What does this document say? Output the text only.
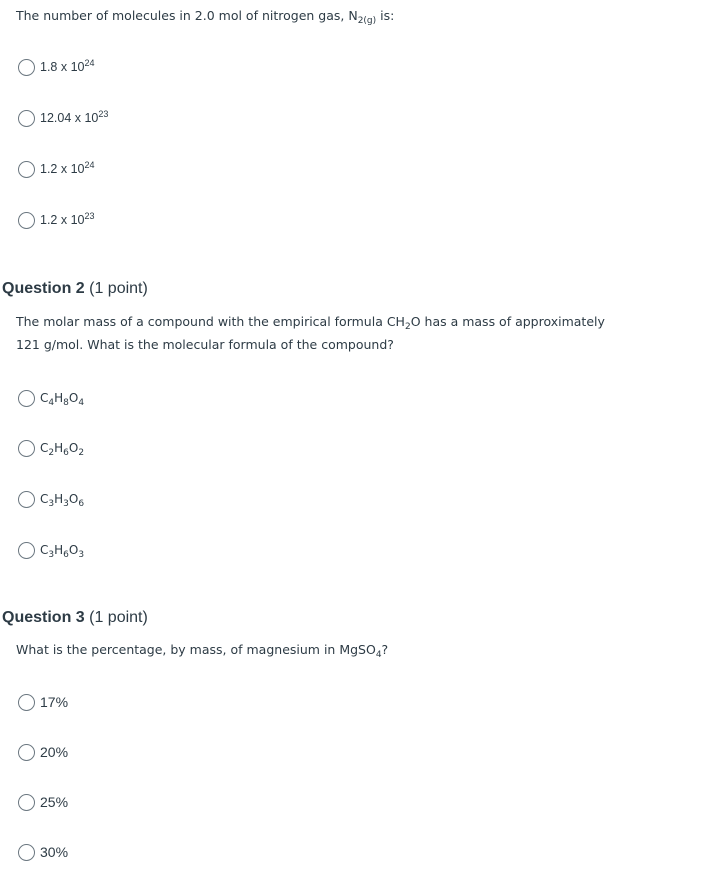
The number of molecules in 2.0 mol of nitrogen gas, $N_{2(g)}$ is:
1.8 x $10^{24}$
12.04 x $10^{23}$
1.2 x $10^{24}$
1.2 x $10^{23}$
Question 2 (1 point)
The molar mass of a compound with the empirical formula $CH_2O$ has a mass of approximately
121 g/mol. What is the molecular formula of the compound?
$C_4H_8O_4$
$C_2H_6O_2$
$C_3H_3O_6$
$C_3H_6O_3$
Question 3 (1 point)
What is the percentage, by mass, of magnesium in MgSO$_4$?
17%
20%
25%
30%
